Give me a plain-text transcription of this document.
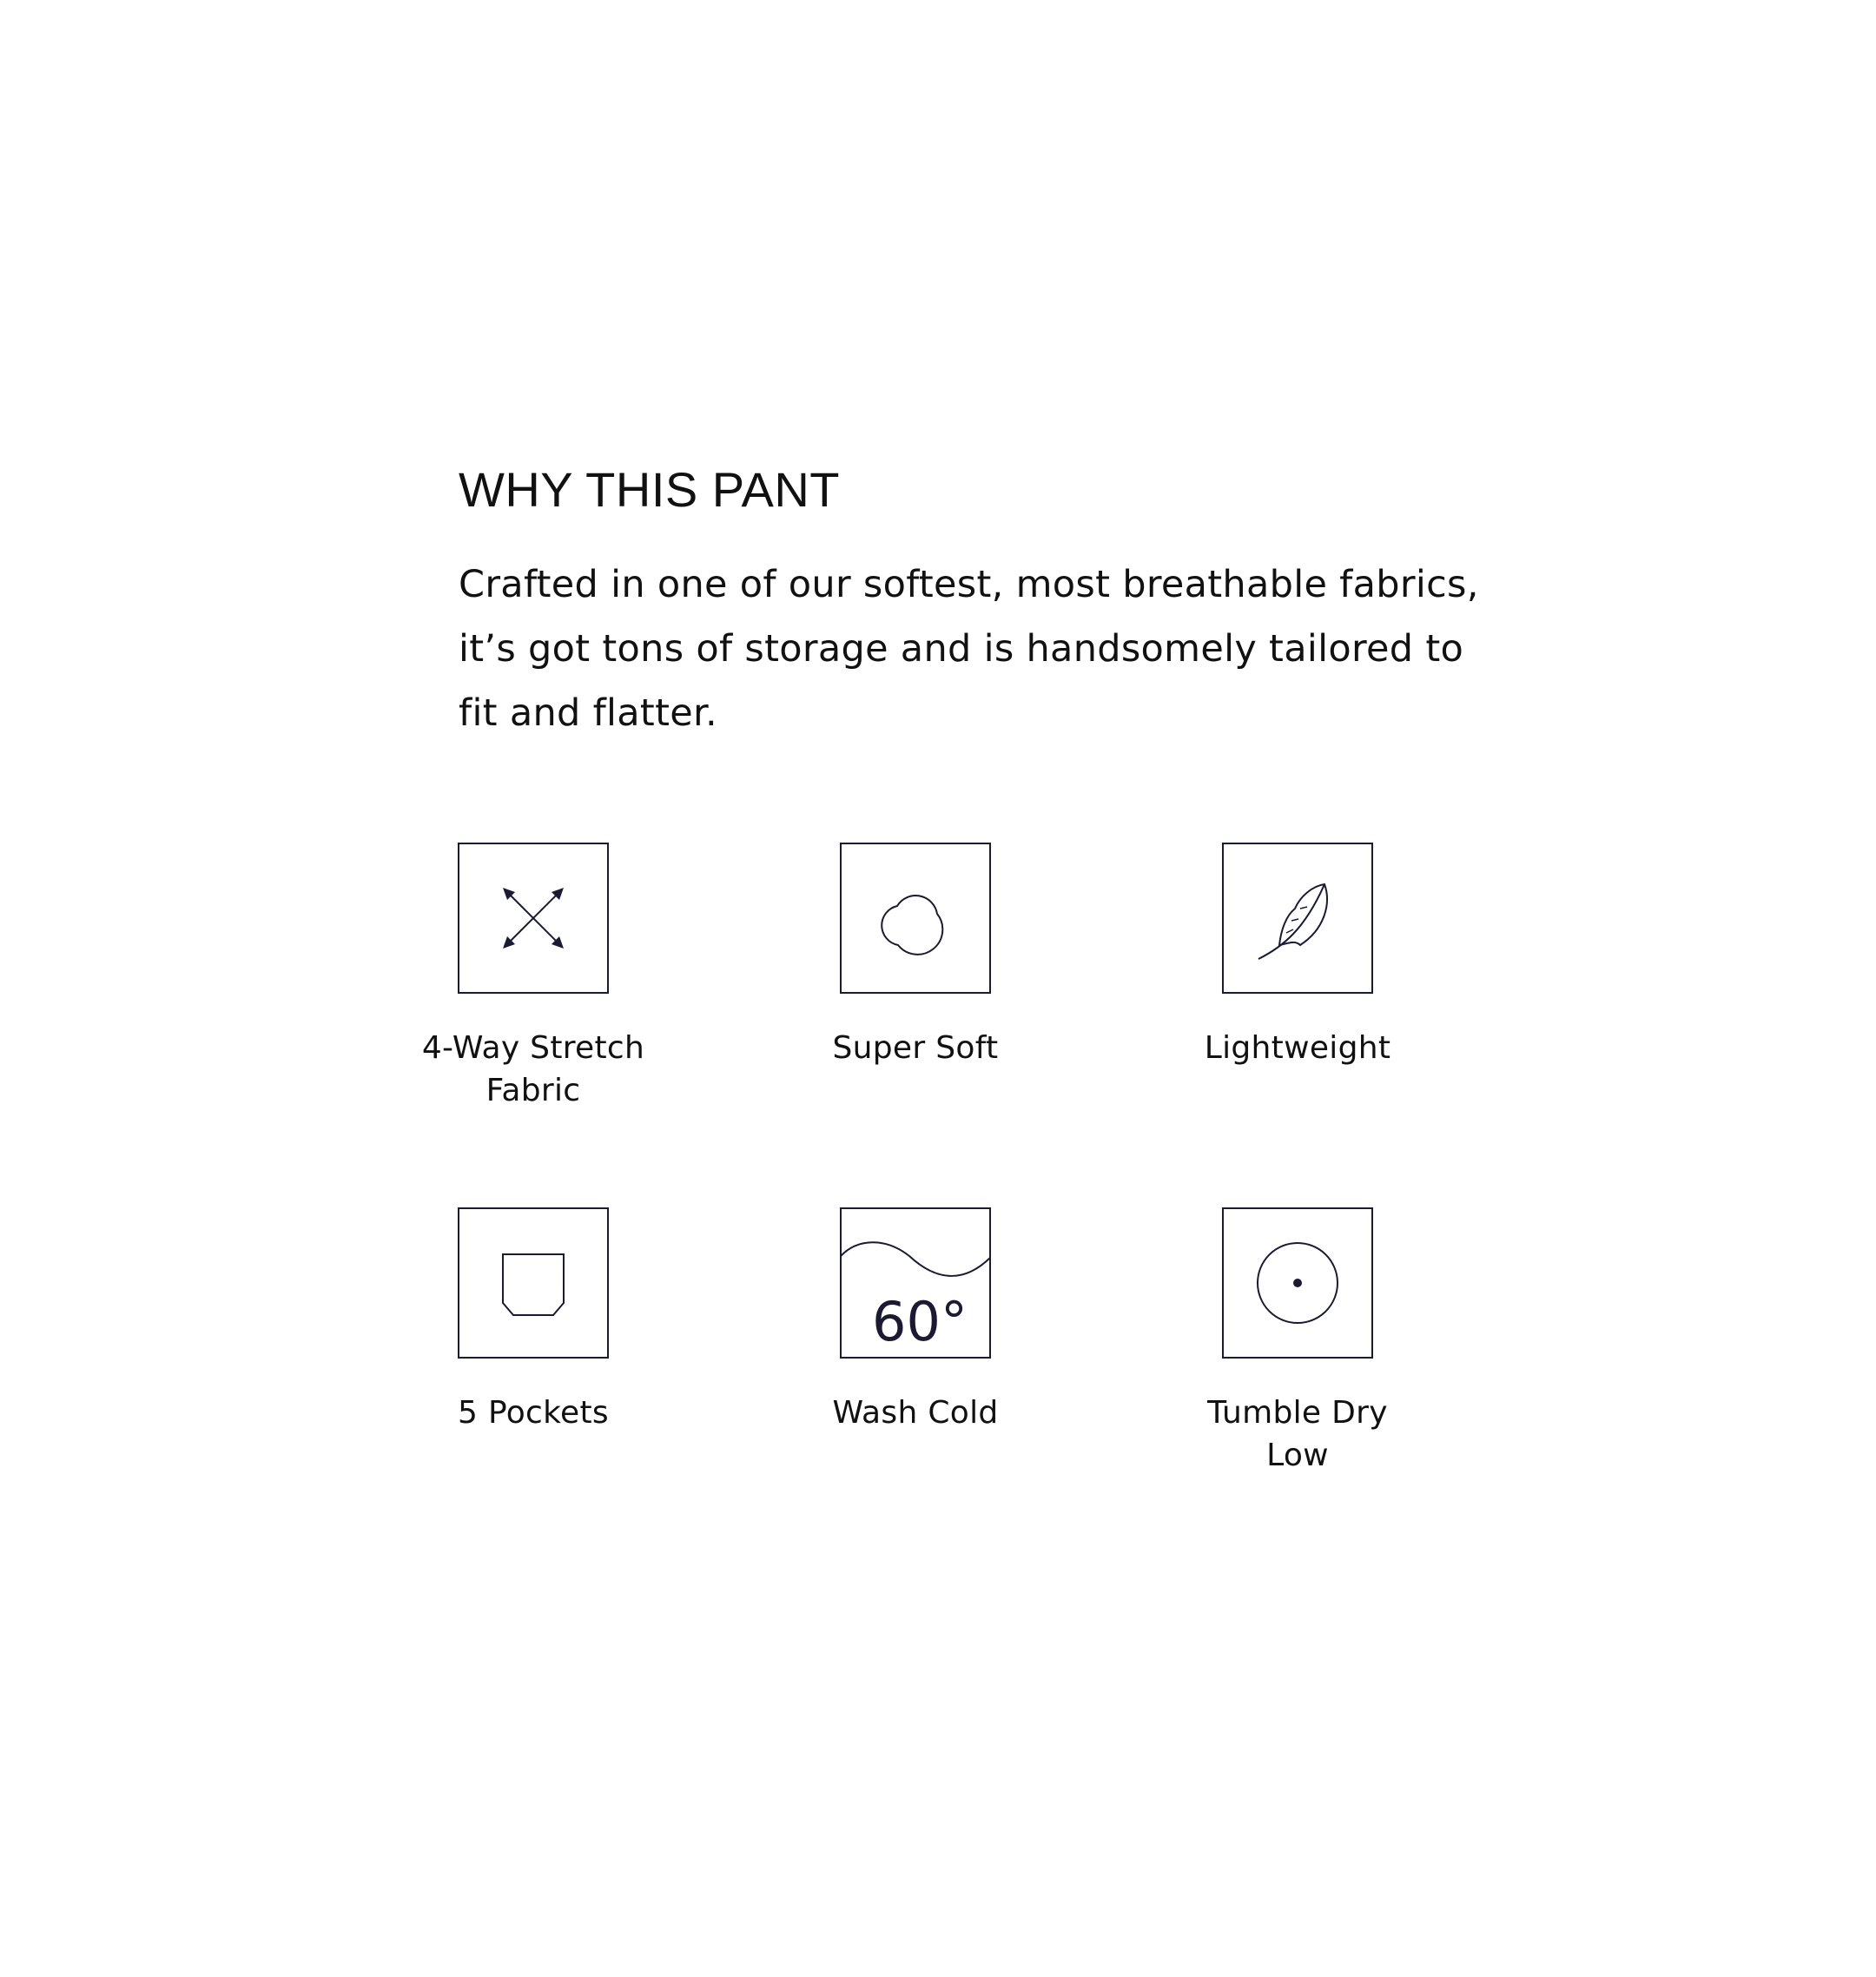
WHY THIS PANT

Crafted in one of our softest, most breathable fabrics, it’s got tons of storage and is handsomely tailored to fit and flatter.

4-Way Stretch Fabric
Super Soft	Lightweight
5 Pockets
60°
Wash Cold	Tumble Dry Low
